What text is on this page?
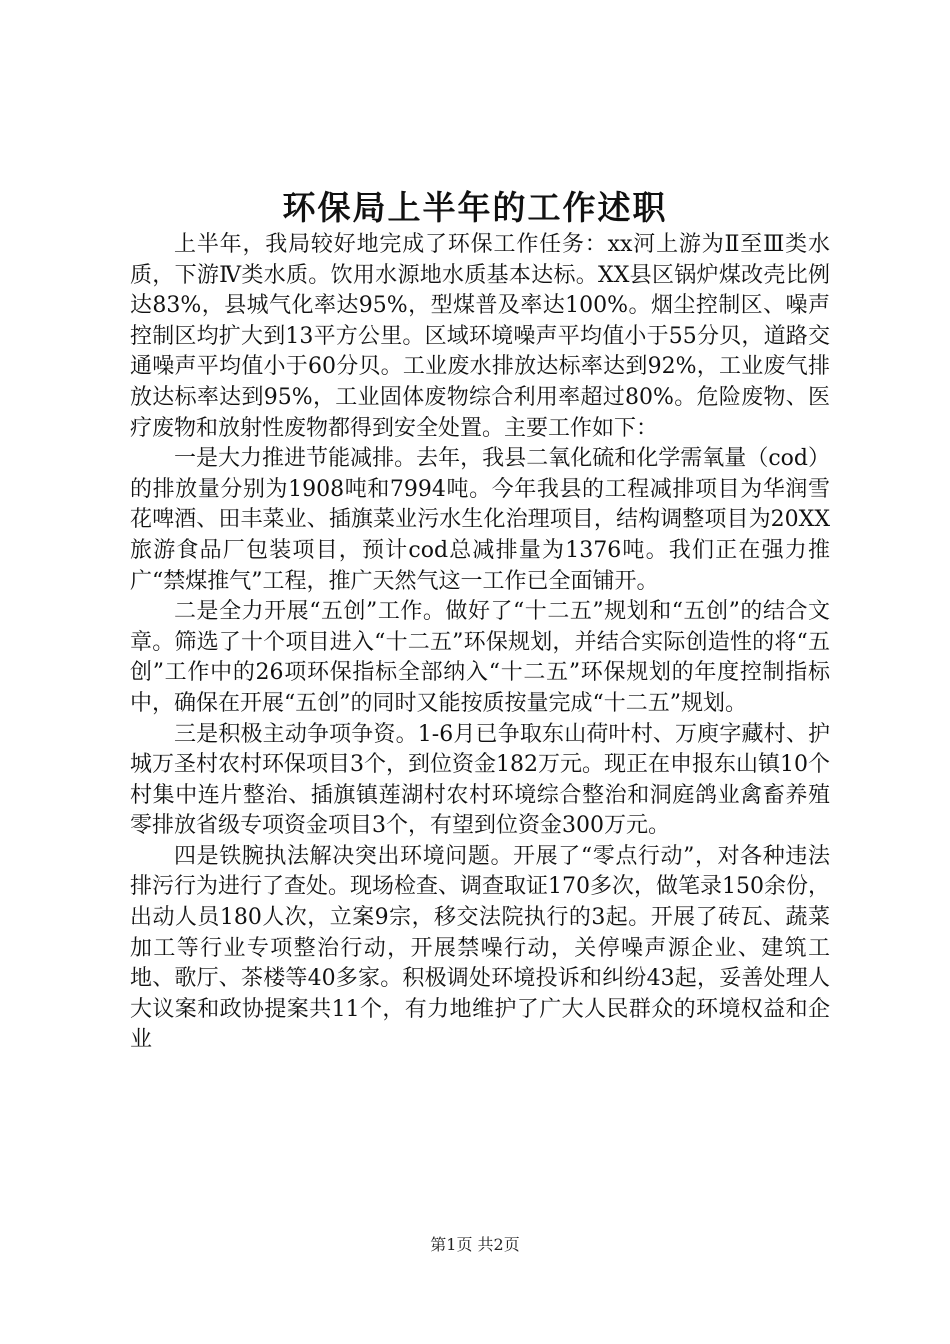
环保局上半年的工作述职

上半年，我局较好地完成了环保工作任务：xx河上游为Ⅱ至Ⅲ类水质，下游Ⅳ类水质。饮用水源地水质基本达标。XX县区锅炉煤改壳比例达83%，县城气化率达95%，型煤普及率达100%。烟尘控制区、噪声控制区均扩大到13平方公里。区域环境噪声平均值小于55分贝，道路交通噪声平均值小于60分贝。工业废水排放达标率达到92%，工业废气排放达标率达到95%，工业固体废物综合利用率超过80%。危险废物、医疗废物和放射性废物都得到安全处置。主要工作如下：

一是大力推进节能减排。去年，我县二氧化硫和化学需氧量（cod）的排放量分别为1908吨和7994吨。今年我县的工程减排项目为华润雪花啤酒、田丰菜业、插旗菜业污水生化治理项目，结构调整项目为20XX旅游食品厂包装项目，预计cod总减排量为1376吨。我们正在强力推广“禁煤推气”工程，推广天然气这一工作已全面铺开。

二是全力开展“五创”工作。做好了“十二五”规划和“五创”的结合文章。筛选了十个项目进入“十二五”环保规划，并结合实际创造性的将“五创”工作中的26项环保指标全部纳入“十二五”环保规划的年度控制指标中，确保在开展“五创”的同时又能按质按量完成“十二五”规划。

三是积极主动争项争资。1-6月已争取东山荷叶村、万庾字藏村、护城万圣村农村环保项目3个，到位资金182万元。现正在申报东山镇10个村集中连片整治、插旗镇莲湖村农村环境综合整治和洞庭鸽业禽畜养殖零排放省级专项资金项目3个，有望到位资金300万元。

四是铁腕执法解决突出环境问题。开展了“零点行动”，对各种违法排污行为进行了查处。现场检查、调查取证170多次，做笔录150余份，出动人员180人次，立案9宗，移交法院执行的3起。开展了砖瓦、蔬菜加工等行业专项整治行动，开展禁噪行动，关停噪声源企业、建筑工地、歌厅、茶楼等40多家。积极调处环境投诉和纠纷43起，妥善处理人大议案和政协提案共11个，有力地维护了广大人民群众的环境权益和企业

第1页 共2页
